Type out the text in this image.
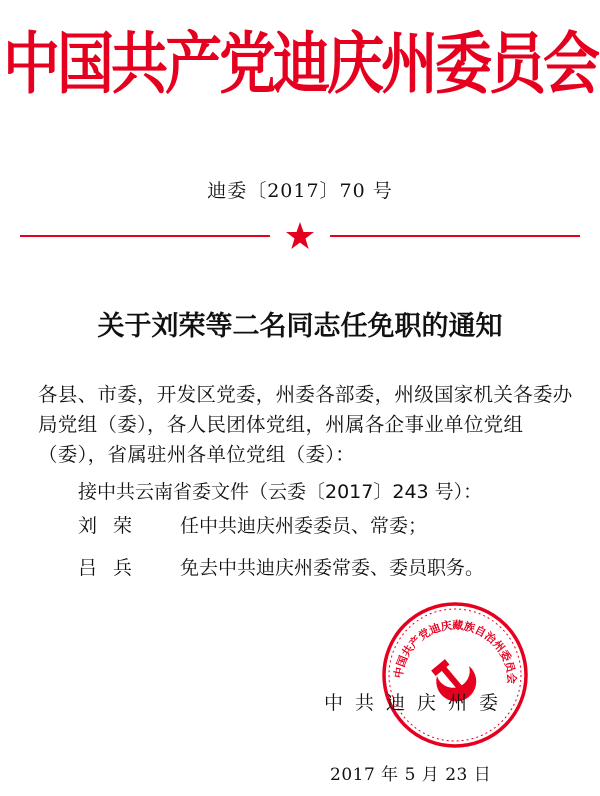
中国共产党迪庆州委员会
迪委〔2017〕70 号
关于刘荣等二名同志任免职的通知
各县、市委，开发区党委，州委各部委，州级国家机关各委办局党组（委），各人民团体党组，州属各企事业单位党组（委），省属驻州各单位党组（委）：
接中共云南省委文件（云委〔2017〕243 号）：
刘荣	任中共迪庆州委委员、常委；
吕兵	免去中共迪庆州委常委、委员职务。
中国共产党迪庆藏族自治州委员会
中共迪庆州委
2017 年 5 月 23 日
